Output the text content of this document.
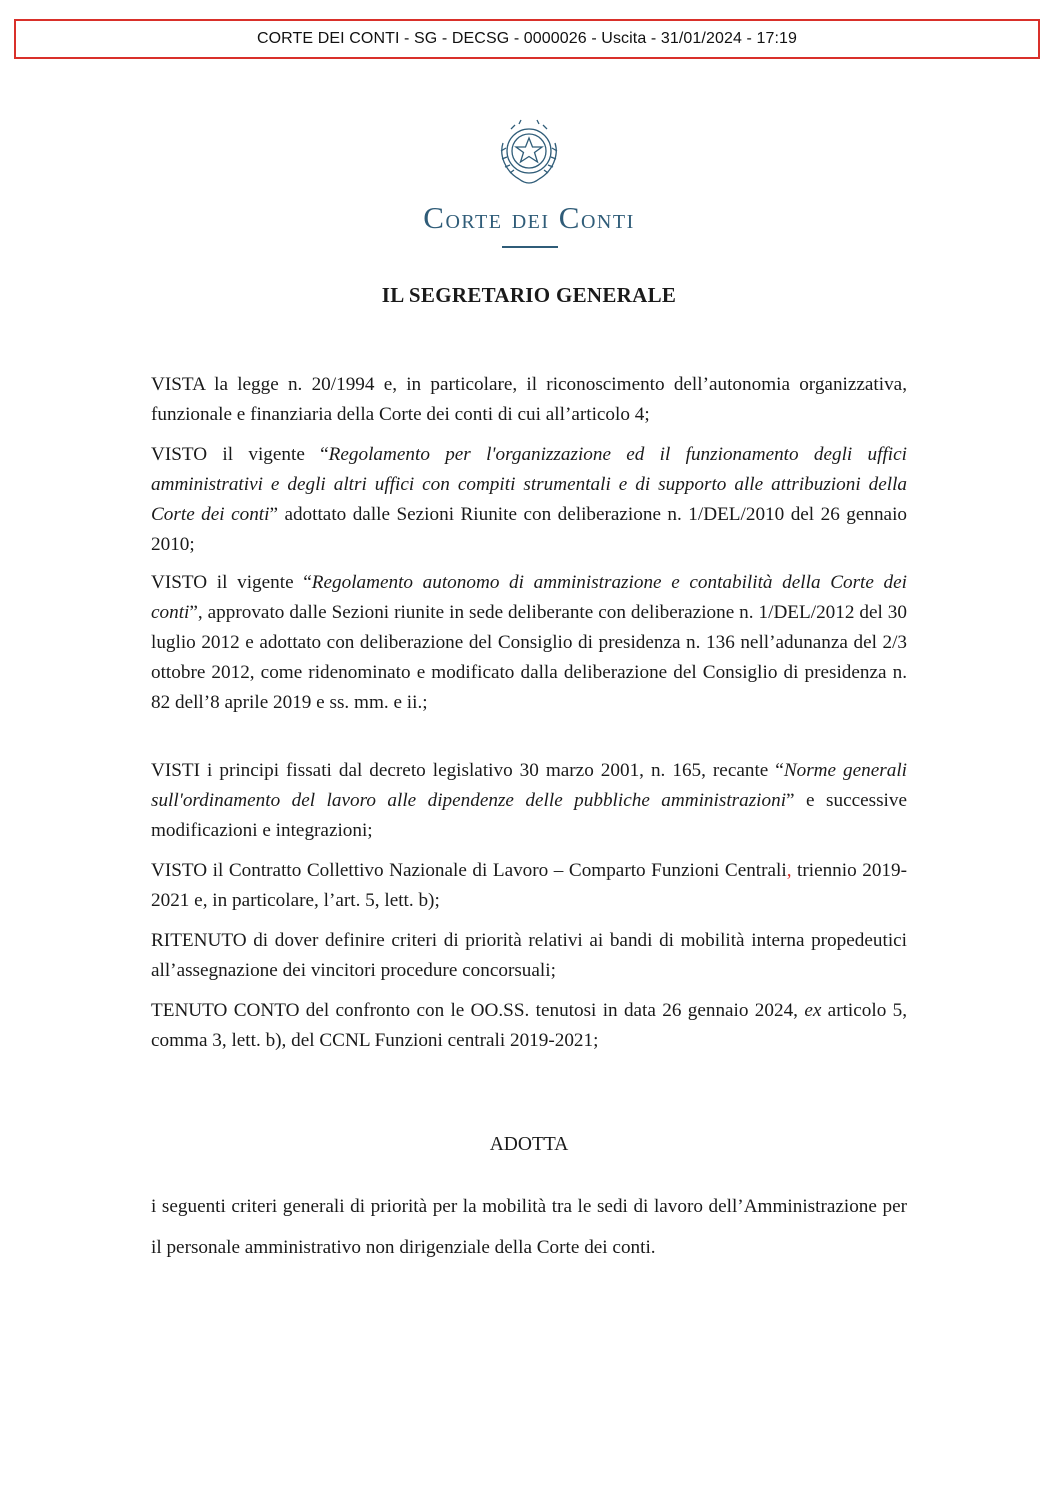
CORTE DEI CONTI - SG - DECSG - 0000026 - Uscita - 31/01/2024 - 17:19
CORTE DEI CONTI
IL SEGRETARIO GENERALE

VISTA la legge n. 20/1994 e, in particolare, il riconoscimento dell’autonomia organizzativa, funzionale e finanziaria della Corte dei conti di cui all’articolo 4;

VISTO il vigente “Regolamento per l'organizzazione ed il funzionamento degli uffici amministrativi e degli altri uffici con compiti strumentali e di supporto alle attribuzioni della Corte dei conti” adottato dalle Sezioni Riunite con deliberazione n. 1/DEL/2010 del 26 gennaio 2010;

VISTO il vigente “Regolamento autonomo di amministrazione e contabilità della Corte dei conti”, approvato dalle Sezioni riunite in sede deliberante con deliberazione n. 1/DEL/2012 del 30 luglio 2012 e adottato con deliberazione del Consiglio di presidenza n. 136 nell’adunanza del 2/3 ottobre 2012, come ridenominato e modificato dalla deliberazione del Consiglio di presidenza n. 82 dell’8 aprile 2019 e ss. mm. e ii.;

VISTI i principi fissati dal decreto legislativo 30 marzo 2001, n. 165, recante “Norme generali sull'ordinamento del lavoro alle dipendenze delle pubbliche amministrazioni” e successive modificazioni e integrazioni;

VISTO il Contratto Collettivo Nazionale di Lavoro – Comparto Funzioni Centrali, triennio 2019-2021 e, in particolare, l’art. 5, lett. b);

RITENUTO di dover definire criteri di priorità relativi ai bandi di mobilità interna propedeutici all’assegnazione dei vincitori procedure concorsuali;

TENUTO CONTO del confronto con le OO.SS. tenutosi in data 26 gennaio 2024, ex articolo 5, comma 3, lett. b), del CCNL Funzioni centrali 2019-2021;

ADOTTA

i seguenti criteri generali di priorità per la mobilità tra le sedi di lavoro dell’Amministrazione per il personale amministrativo non dirigenziale della Corte dei conti.
